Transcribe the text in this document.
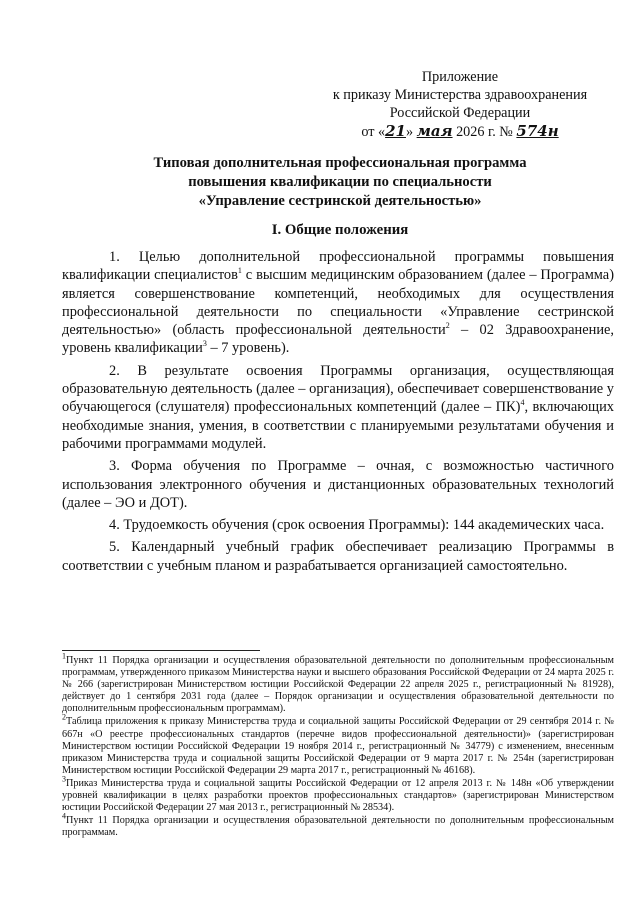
Приложение
к приказу Министерства здравоохранения
Российской Федерации
от «21» мая 2026 г. № 574н
Типовая дополнительная профессиональная программа
повышения квалификации по специальности
«Управление сестринской деятельностью»
I. Общие положения

1. Целью дополнительной профессиональной программы повышения квалификации специалистов$^1$ с высшим медицинским образованием (далее – Программа) является совершенствование компетенций, необходимых для осуществления профессиональной деятельности по специальности «Управление сестринской деятельностью» (область профессиональной деятельности$^2$ – 02 Здравоохранение, уровень квалификации$^3$ – 7 уровень).

2. В результате освоения Программы организация, осуществляющая образовательную деятельность (далее – организация), обеспечивает совершенствование у обучающегося (слушателя) профессиональных компетенций (далее – ПК)$^4$, включающих необходимые знания, умения, в соответствии с планируемыми результатами обучения и рабочими программами модулей.

3. Форма обучения по Программе – очная, с возможностью частичного использования электронного обучения и дистанционных образовательных технологий (далее – ЭО и ДОТ).

4. Трудоемкость обучения (срок освоения Программы): 144 академических часа.

5. Календарный учебный график обеспечивает реализацию Программы в соответствии с учебным планом и разрабатывается организацией самостоятельно.

$^1$Пункт 11 Порядка организации и осуществления образовательной деятельности по дополнительным профессиональным программам, утвержденного приказом Министерства науки и высшего образования Российской Федерации от 24 марта 2025 г. № 266 (зарегистрирован Министерством юстиции Российской Федерации 22 апреля 2025 г., регистрационный № 81928), действует до 1 сентября 2031 года (далее – Порядок организации и осуществления образовательной деятельности по дополнительным профессиональным программам).

$^2$Таблица приложения к приказу Министерства труда и социальной защиты Российской Федерации от 29 сентября 2014 г. № 667н «О реестре профессиональных стандартов (перечне видов профессиональной деятельности)» (зарегистрирован Министерством юстиции Российской Федерации 19 ноября 2014 г., регистрационный № 34779) с изменением, внесенным приказом Министерства труда и социальной защиты Российской Федерации от 9 марта 2017 г. № 254н (зарегистрирован Министерством юстиции Российской Федерации 29 марта 2017 г., регистрационный № 46168).

$^3$Приказ Министерства труда и социальной защиты Российской Федерации от 12 апреля 2013 г. № 148н «Об утверждении уровней квалификации в целях разработки проектов профессиональных стандартов» (зарегистрирован Министерством юстиции Российской Федерации 27 мая 2013 г., регистрационный № 28534).

$^4$Пункт 11 Порядка организации и осуществления образовательной деятельности по дополнительным профессиональным программам.
